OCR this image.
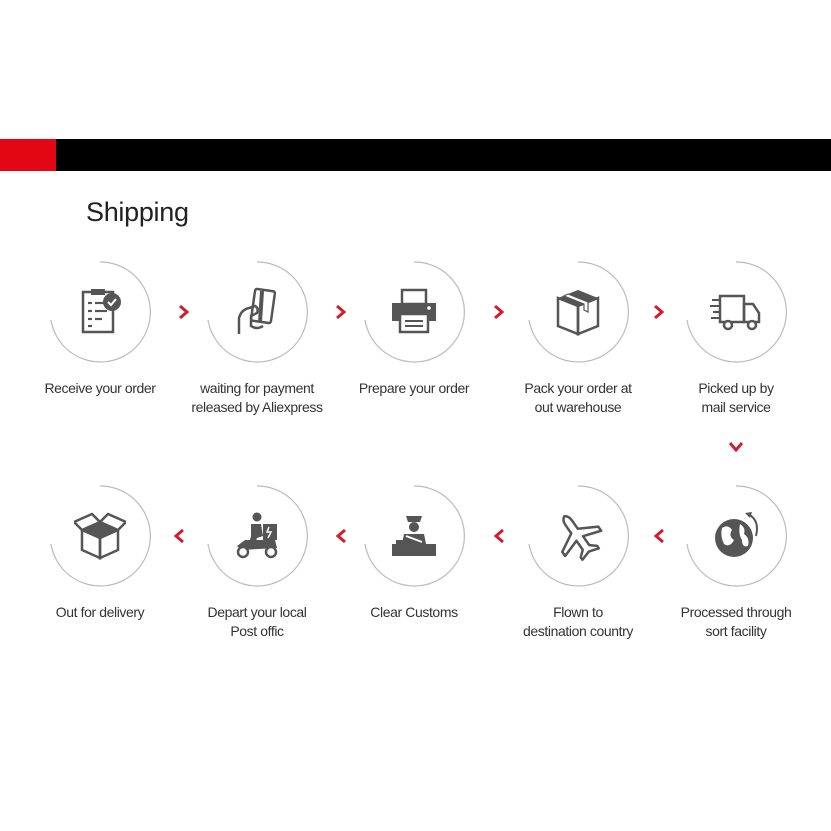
Shipping
Receive your order	waiting for payment
released by Aliexpress
Prepare your order	Pack your order at
out warehouse
Picked up by
mail service
Processed through
sort facility
Flown to
destination country
Clear Customs

Depart your local
Post offic
Out for delivery
